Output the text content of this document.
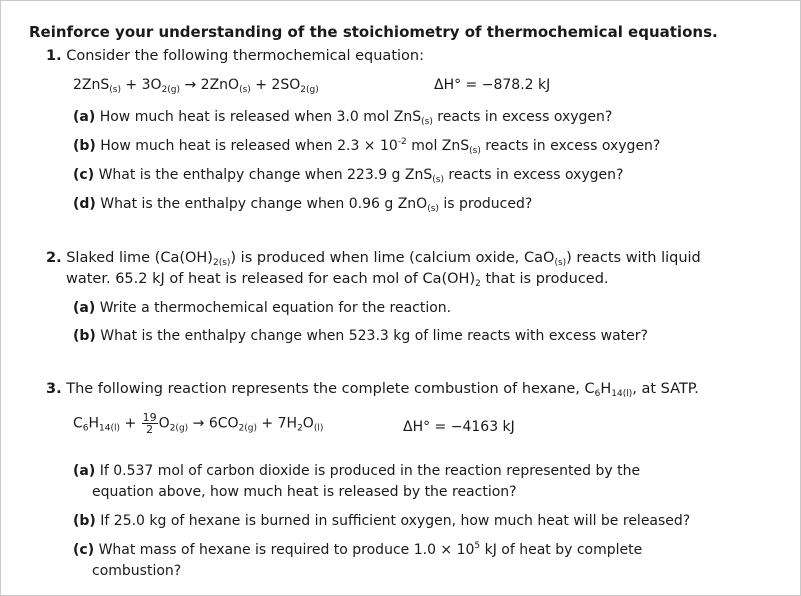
Reinforce your understanding of the stoichiometry of thermochemical equations.
1. Consider the following thermochemical equation:
$2ZnS_{(s)} + 3O_{2(g)} \to 2ZnO_{(s)} + 2SO_{2(g)}$	ΔH° = −878.2 kJ
(a) How much heat is released when 3.0 mol ZnS$_{(s)}$ reacts in excess oxygen?
(b) How much heat is released when $2.3 \times 10^{-2}$ mol ZnS$_{(s)}$ reacts in excess oxygen?
(c) What is the enthalpy change when 223.9 g ZnS$_{(s)}$ reacts in excess oxygen?
(d) What is the enthalpy change when 0.96 g ZnO$_{(s)}$ is produced?
2. Slaked lime $(Ca(OH)_{2(s)})$ is produced when lime (calcium oxide, CaO$_{(s)}$) reacts with liquid
water. 65.2 kJ of heat is released for each mol of $Ca(OH)_2$ that is produced.
(a) Write a thermochemical equation for the reaction.
(b) What is the enthalpy change when 523.3 kg of lime reacts with excess water?
3. The following reaction represents the complete combustion of hexane, $C_6H_{14(l)}$, at SATP.
$C_6H_{14(l)} + \frac{19}{2} O_{2(g)} \to 6CO_{2(g)} + 7H_2O_{(l)}$	ΔH° = −4163 kJ
(a) If 0.537 mol of carbon dioxide is produced in the reaction represented by the
equation above, how much heat is released by the reaction?
(b) If 25.0 kg of hexane is burned in sufficient oxygen, how much heat will be released?
(c) What mass of hexane is required to produce $1.0 \times 10^5$ kJ of heat by complete
combustion?
